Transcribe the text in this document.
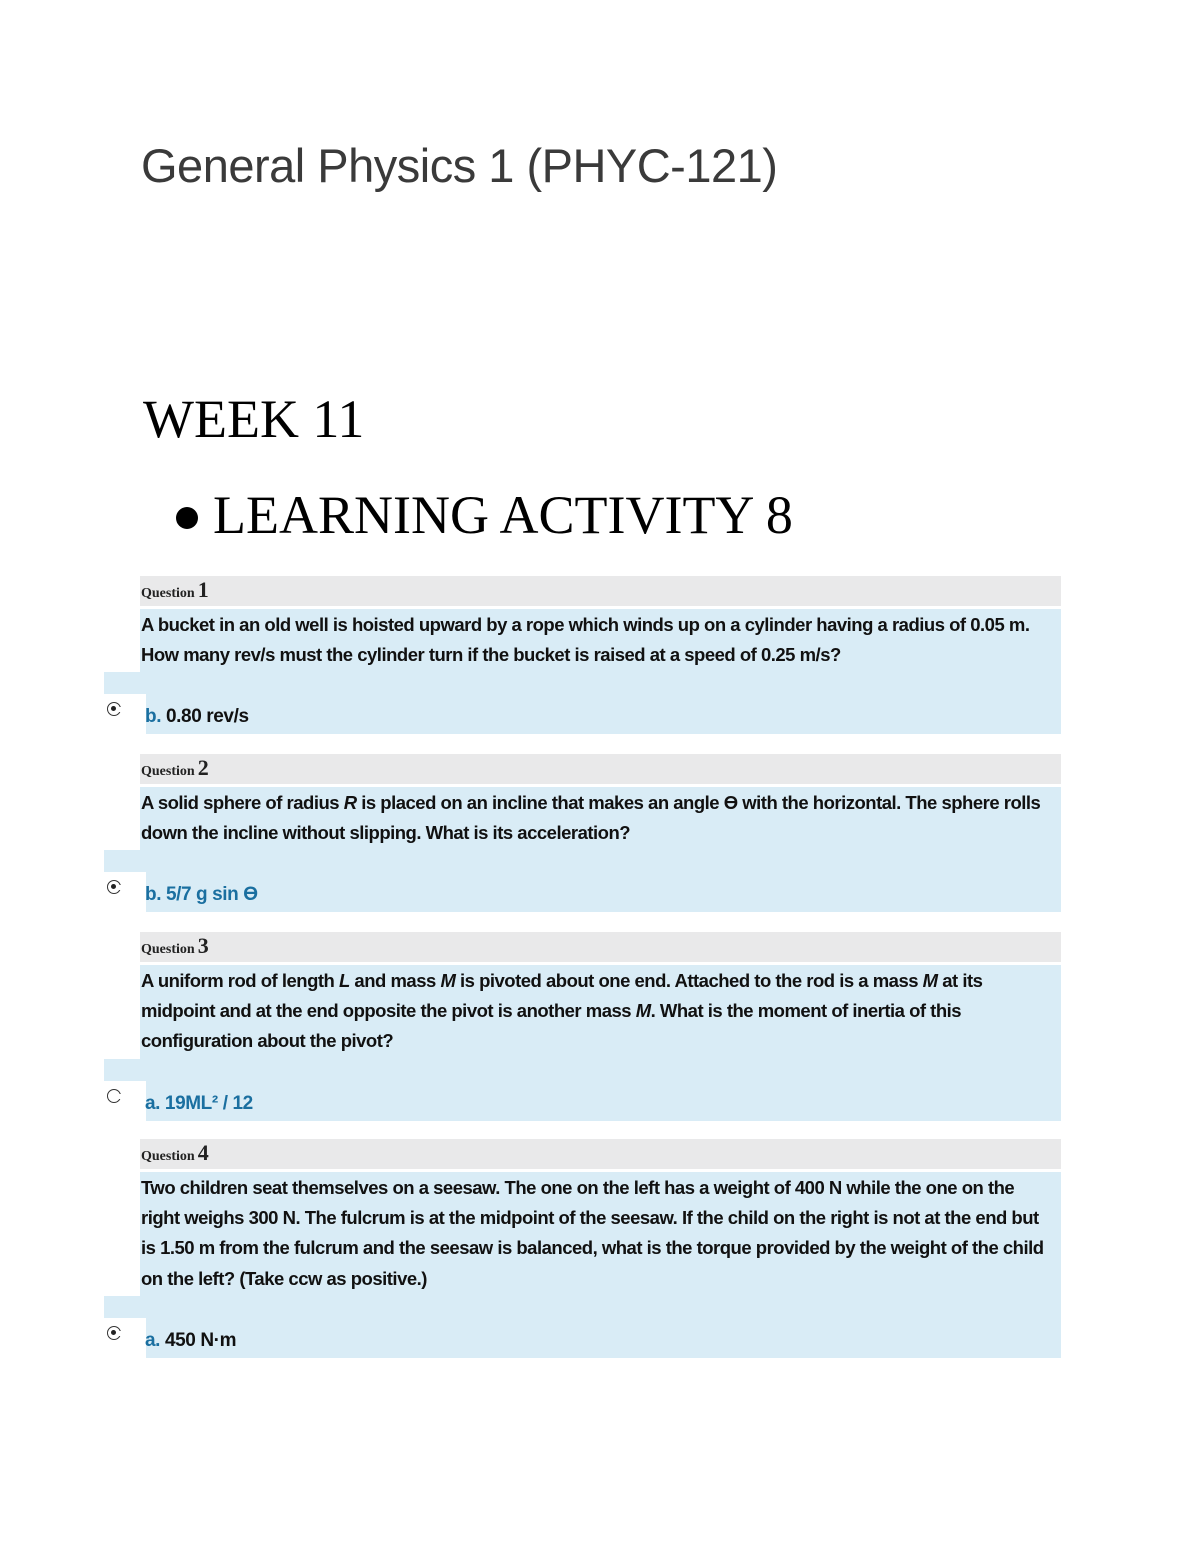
General Physics 1 (PHYC-121)
WEEK 11
LEARNING ACTIVITY 8
Question 1
A bucket in an old well is hoisted upward by a rope which winds up on a cylinder having a radius of 0.05 m. How many rev/s must the cylinder turn if the bucket is raised at a speed of 0.25 m/s?
b. 0.80 rev/s
Question 2
A solid sphere of radius R is placed on an incline that makes an angle ϴ with the horizontal. The sphere rolls down the incline without slipping. What is its acceleration?
b. 5/7 g sin ϴ
Question 3
A uniform rod of length L and mass M is pivoted about one end. Attached to the rod is a mass M at its midpoint and at the end opposite the pivot is another mass M. What is the moment of inertia of this configuration about the pivot?
a. 19ML² / 12
Question 4
Two children seat themselves on a seesaw. The one on the left has a weight of 400 N while the one on the right weighs 300 N. The fulcrum is at the midpoint of the seesaw. If the child on the right is not at the end but is 1.50 m from the fulcrum and the seesaw is balanced, what is the torque provided by the weight of the child on the left? (Take ccw as positive.)
a. 450 N·m
